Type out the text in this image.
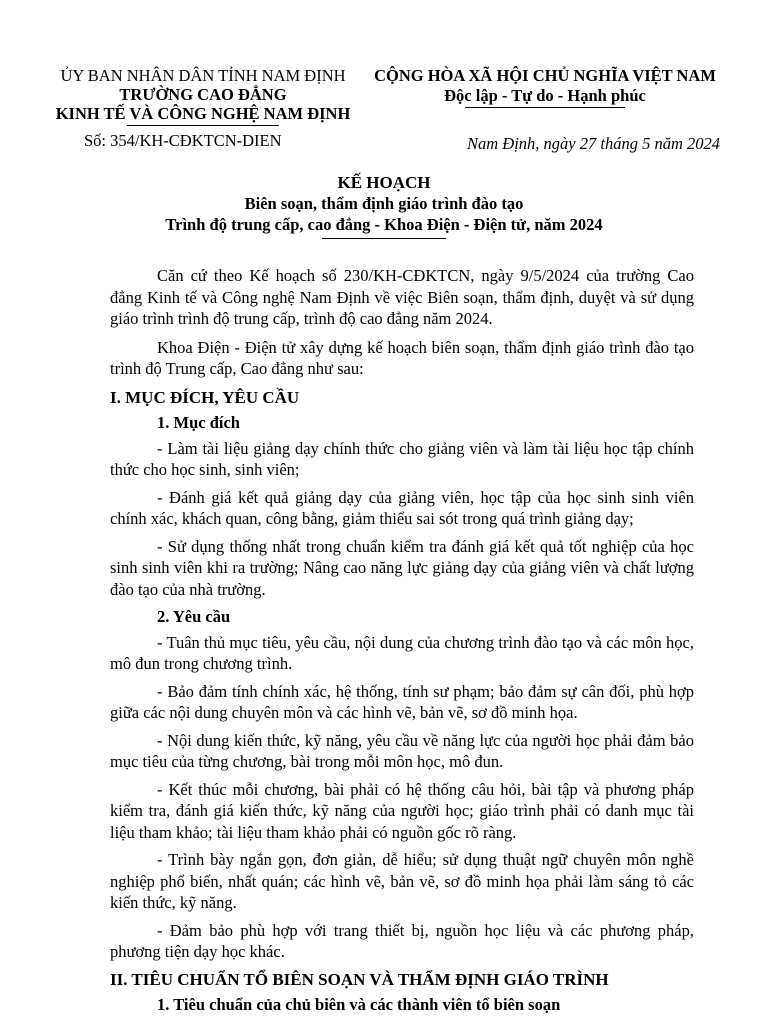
ỦY BAN NHÂN DÂN TỈNH NAM ĐỊNH
TRƯỜNG CAO ĐẲNG
KINH TẾ VÀ CÔNG NGHỆ NAM ĐỊNH
CỘNG HÒA XÃ HỘI CHỦ NGHĨA VIỆT NAM
Độc lập - Tự do - Hạnh phúc
Số: 354/KH-CĐKTCN-DIEN	Nam Định, ngày 27 tháng 5 năm 2024
KẾ HOẠCH
Biên soạn, thẩm định giáo trình đào tạo
Trình độ trung cấp, cao đẳng - Khoa Điện - Điện tử, năm 2024

Căn cứ theo Kế hoạch số 230/KH-CĐKTCN, ngày 9/5/2024 của trường Cao đẳng Kinh tế và Công nghệ Nam Định về việc Biên soạn, thẩm định, duyệt và sử dụng giáo trình trình độ trung cấp, trình độ cao đẳng năm 2024.

Khoa Điện - Điện tử xây dựng kế hoạch biên soạn, thẩm định giáo trình đào tạo trình độ Trung cấp, Cao đẳng như sau:

I. MỤC ĐÍCH, YÊU CẦU

1. Mục đích

- Làm tài liệu giảng dạy chính thức cho giảng viên và làm tài liệu học tập chính thức cho học sinh, sinh viên;

- Đánh giá kết quả giảng dạy của giảng viên, học tập của học sinh sinh viên chính xác, khách quan, công bằng, giảm thiểu sai sót trong quá trình giảng dạy;

- Sử dụng thống nhất trong chuẩn kiểm tra đánh giá kết quả tốt nghiệp của học sinh sinh viên khi ra trường; Nâng cao năng lực giảng dạy của giảng viên và chất lượng đào tạo của nhà trường.

2. Yêu cầu

- Tuân thủ mục tiêu, yêu cầu, nội dung của chương trình đào tạo và các môn học, mô đun trong chương trình.

- Bảo đảm tính chính xác, hệ thống, tính sư phạm; bảo đảm sự cân đối, phù hợp giữa các nội dung chuyên môn và các hình vẽ, bản vẽ, sơ đồ minh họa.

- Nội dung kiến thức, kỹ năng, yêu cầu về năng lực của người học phải đảm bảo mục tiêu của từng chương, bài trong mỗi môn học, mô đun.

- Kết thúc mỗi chương, bài phải có hệ thống câu hỏi, bài tập và phương pháp kiểm tra, đánh giá kiến thức, kỹ năng của người học; giáo trình phải có danh mục tài liệu tham khảo; tài liệu tham khảo phải có nguồn gốc rõ ràng.

- Trình bày ngắn gọn, đơn giản, dễ hiểu; sử dụng thuật ngữ chuyên môn nghề nghiệp phổ biến, nhất quán; các hình vẽ, bản vẽ, sơ đồ minh họa phải làm sáng tỏ các kiến thức, kỹ năng.

- Đảm bảo phù hợp với trang thiết bị, nguồn học liệu và các phương pháp, phương tiện dạy học khác.

II. TIÊU CHUẨN TỔ BIÊN SOẠN VÀ THẨM ĐỊNH GIÁO TRÌNH

1. Tiêu chuẩn của chủ biên và các thành viên tổ biên soạn
